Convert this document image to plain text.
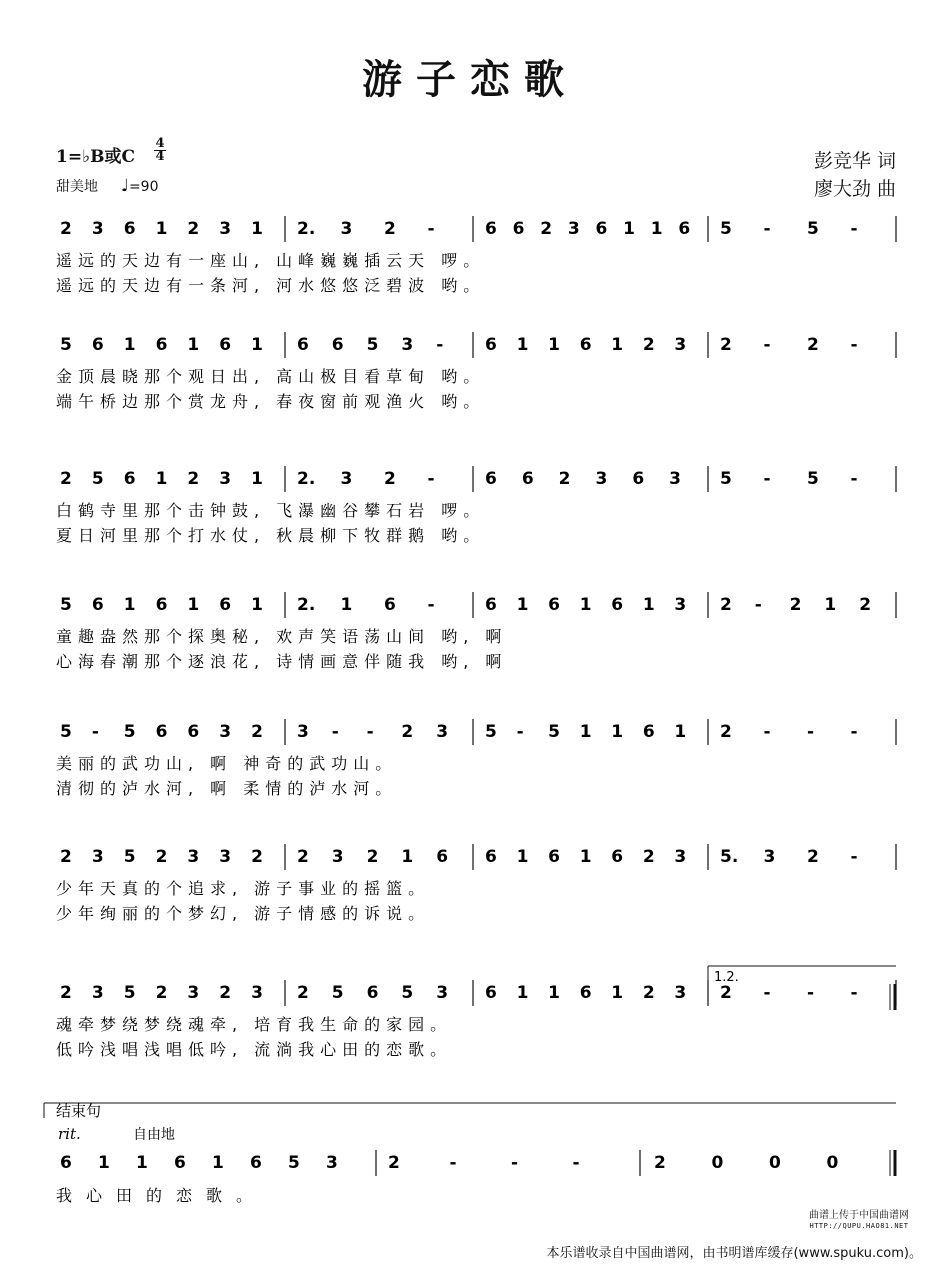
游子恋歌
1=♭B或C
4
4
甜美地 ♩=90
彭竞华 词
廖大劲 曲
2 3 6 1 2 3 1 2. 3 2 -	6 6 2 3 6 1 1 6 5 - 5 -
遥远的天边有一座山, 山峰巍巍插云天 啰。
遥远的天边有一条河, 河水悠悠泛碧波 哟。
5 6 1 6 1 6 1 6 6 5 3 - 6 1 1 6 1 2 3 2 - 2 -
金顶晨晓那个观日出, 高山极目看草甸 哟。
端午桥边那个赏龙舟, 春夜窗前观渔火 哟。
2 5 6 1 2 3 1 2. 3 2 -	6 6 2 3 6 3 5 - 5 -
白鹤寺里那个击钟鼓, 飞瀑幽谷攀石岩 啰。
夏日河里那个打水仗, 秋晨柳下牧群鹅 哟。
5 6 1 6 1 6 1 2. 1 6 -	6 1 6 1 6 1 3 2 - 2 1 2
童趣盎然那个探奥秘, 欢声笑语荡山间 哟, 啊
心海春潮那个逐浪花, 诗情画意伴随我 哟, 啊
5 - 5 6 6 3 2 3 - - 2 3 5 - 5 1 1 6 1 2 - - -
美丽的武功山, 啊 神奇的武功山。
清彻的泸水河, 啊 柔情的泸水河。
2 3 5 2 3 3 2 2 3 2 1 6 6 1 6 1 6 2 3 5. 3 2 -
少年天真的个追求, 游子事业的摇篮。
少年绚丽的个梦幻, 游子情感的诉说。
2 3 5 2 3 2 3 2 5 6 5 3 6 1 1 6 1 2 3 2 - - -
魂牵梦绕梦绕魂牵, 培育我生命的家园。
低吟浅唱浅唱低吟, 流淌我心田的恋歌。
1.2.
结束句
rit.	自由地
6 1 1 6 1 6 5 3	2	-	-	-	2	0	0	0
我心田的恋歌。
曲谱上传于中国曲谱网
HTTP://QUPU.HAO81.NET
本乐谱收录自中国曲谱网，由书明谱库缓存(www.spuku.com)。
